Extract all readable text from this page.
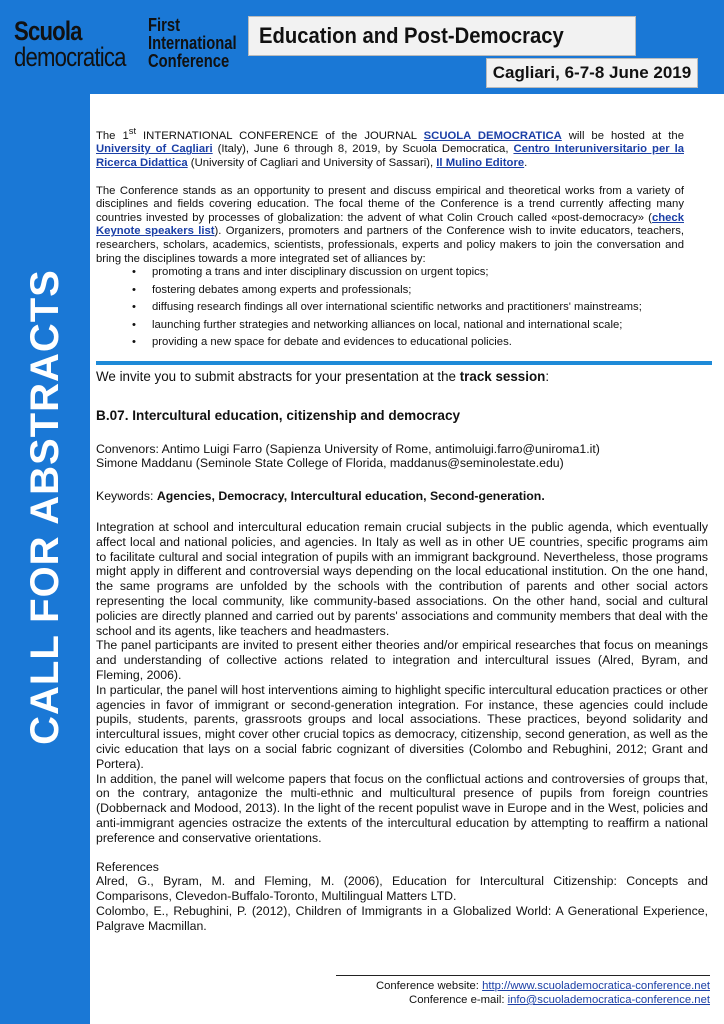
Scuola
democratica
First
International
Conference
Education and Post-Democracy
Cagliari, 6-7-8 June 2019
CALL FOR ABSTRACTS

The 1st INTERNATIONAL CONFERENCE of the JOURNAL SCUOLA DEMOCRATICA will be hosted at the University of Cagliari (Italy), June 6 through 8, 2019, by Scuola Democratica, Centro Interuniversitario per la Ricerca Didattica (University of Cagliari and University of Sassari), Il Mulino Editore.

The Conference stands as an opportunity to present and discuss empirical and theoretical works from a variety of disciplines and fields covering education. The focal theme of the Conference is a trend currently affecting many countries invested by processes of globalization: the advent of what Colin Crouch called «post-democracy» (check Keynote speakers list). Organizers, promoters and partners of the Conference wish to invite educators, teachers, researchers, scholars, academics, scientists, professionals, experts and policy makers to join the conversation and bring the disciplines towards a more integrated set of alliances by:

• promoting a trans and inter disciplinary discussion on urgent topics;
• fostering debates among experts and professionals;
• diffusing research findings all over international scientific networks and practitioners' mainstreams;
• launching further strategies and networking alliances on local, national and international scale;
• providing a new space for debate and evidences to educational policies.
We invite you to submit abstracts for your presentation at the track session:
B.07. Intercultural education, citizenship and democracy
Convenors: Antimo Luigi Farro (Sapienza University of Rome, antimoluigi.farro@uniroma1.it)
Simone Maddanu (Seminole State College of Florida, maddanus@seminolestate.edu)
Keywords: Agencies, Democracy, Intercultural education, Second-generation.

Integration at school and intercultural education remain crucial subjects in the public agenda, which eventually affect local and national policies, and agencies. In Italy as well as in other UE countries, specific programs aim to facilitate cultural and social integration of pupils with an immigrant background. Nevertheless, those programs might apply in different and controversial ways depending on the local educational institution. On the one hand, the same programs are unfolded by the schools with the contribution of parents and other social actors representing the local community, like community-based associations. On the other hand, social and cultural policies are directly planned and carried out by parents' associations and community members that deal with the school and its agents, like teachers and headmasters.

The panel participants are invited to present either theories and/or empirical researches that focus on meanings and understanding of collective actions related to integration and intercultural issues (Alred, Byram, and Fleming, 2006).

In particular, the panel will host interventions aiming to highlight specific intercultural education practices or other agencies in favor of immigrant or second-generation integration. For instance, these agencies could include pupils, students, parents, grassroots groups and local associations. These practices, beyond solidarity and intercultural issues, might cover other crucial topics as democracy, citizenship, second generation, as well as the civic education that lays on a social fabric cognizant of diversities (Colombo and Rebughini, 2012; Grant and Portera).

In addition, the panel will welcome papers that focus on the conflictual actions and controversies of groups that, on the contrary, antagonize the multi-ethnic and multicultural presence of pupils from foreign countries (Dobbernack and Modood, 2013). In the light of the recent populist wave in Europe and in the West, policies and anti-immigrant agencies ostracize the extents of the intercultural education by attempting to reaffirm a national preference and conservative orientations.

References

Alred, G., Byram, M. and Fleming, M. (2006), Education for Intercultural Citizenship: Concepts and Comparisons, Clevedon-Buffalo-Toronto, Multilingual Matters LTD.

Colombo, E., Rebughini, P. (2012), Children of Immigrants in a Globalized World: A Generational Experience, Palgrave Macmillan.

Conference website: http://www.scuolademocratica-conference.net
Conference e-mail: info@scuolademocratica-conference.net
